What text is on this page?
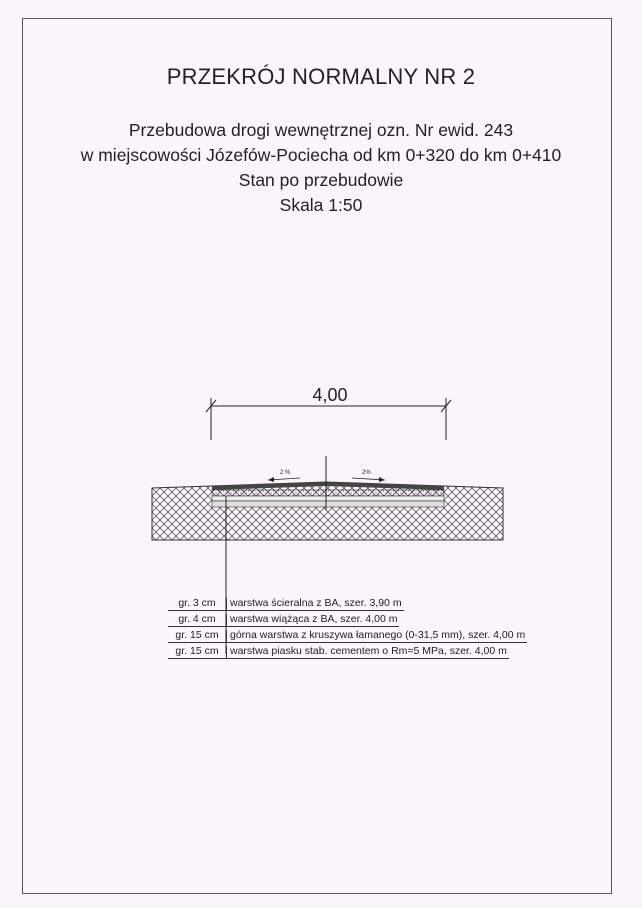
PRZEKRÓJ NORMALNY NR 2
Przebudowa drogi wewnętrznej ozn. Nr ewid. 243
w miejscowości Józefów-Pociecha od km 0+320 do km 0+410
Stan po przebudowie
Skala 1:50
4,00
2 %	2%
gr. 3 cm	warstwa ścieralna z BA, szer. 3,90 m
gr. 4 cm	warstwa wiążąca z BA, szer. 4,00 m
gr. 15 cm	górna warstwa z kruszywa łamanego (0-31,5 mm), szer. 4,00 m
gr. 15 cm	warstwa piasku stab. cementem o Rm=5 MPa, szer. 4,00 m
